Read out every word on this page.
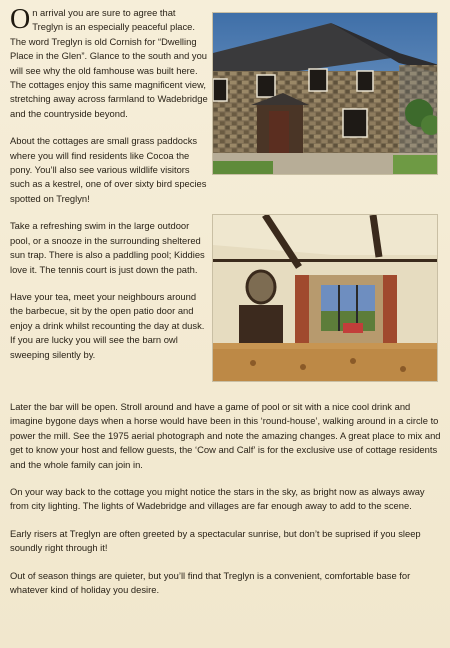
On arrival you are sure to agree that Treglyn is an especially peaceful place. The word Treglyn is old Cornish for “Dwelling Place in the Glen”. Glance to the south and you will see why the old famhouse was built here. The cottages enjoy this same magnificent view, stretching away across farmland to Wadebridge and the countryside beyond.

About the cottages are small grass paddocks where you will find residents like Cocoa the pony. You’ll also see various wildlife visitors such as a kestrel, one of over sixty bird species spotted on Treglyn!

Take a refreshing swim in the large outdoor pool, or a snooze in the surrounding sheltered sun trap. There is also a paddling pool; Kiddies love it. The tennis court is just down the path.

Have your tea, meet your neighbours around the barbecue, sit by the open patio door and enjoy a drink whilst recounting the day at dusk. If you are lucky you will see the barn owl sweeping silently by.

Later the bar will be open. Stroll around and have a game of pool or sit with a nice cool drink and imagine bygone days when a horse would have been in this ‘round-house’, walking around in a circle to power the mill. See the 1975 aerial photograph and note the amazing changes. A great place to mix and get to know your host and fellow guests, the ‘Cow and Calf’ is for the exclusive use of cottage residents and the whole family can join in.

On your way back to the cottage you might notice the stars in the sky, as bright now as always away from city lighting. The lights of Wadebridge and villages are far enough away to add to the scene.

Early risers at Treglyn are often greeted by a spectacular sunrise, but don’t be suprised if you sleep soundly right through it!

Out of season things are quieter, but you’ll find that Treglyn is a convenient, comfortable base for whatever kind of holiday you desire.
